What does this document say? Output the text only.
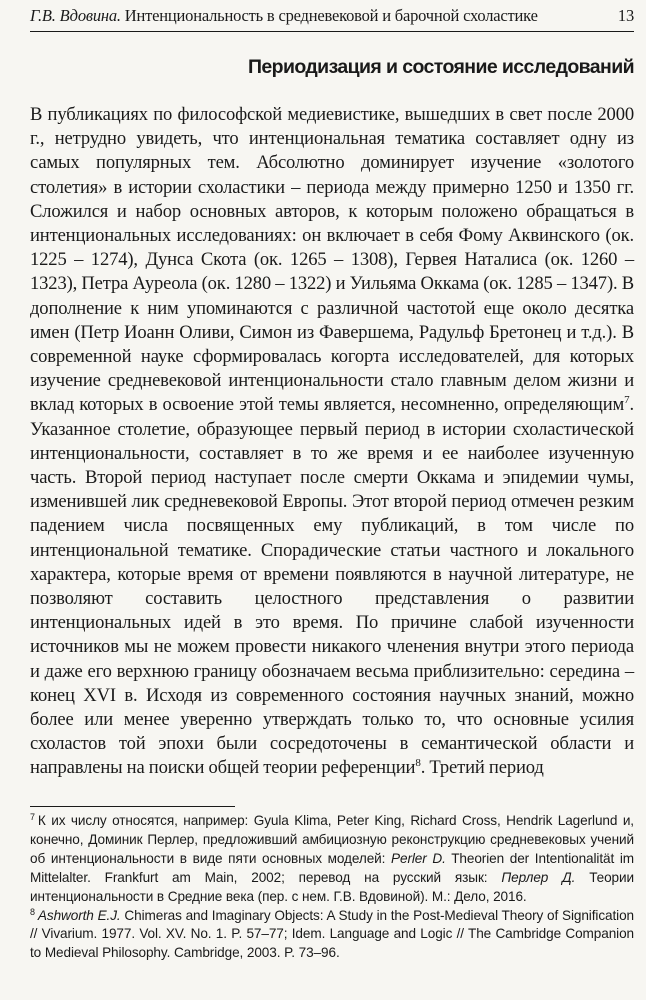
Г.В. Вдовина. Интенциональность в средневековой и барочной схоластике	13
Периодизация и состояние исследований

В публикациях по философской медиевистике, вышедших в свет после 2000 г., нетрудно увидеть, что интенциональная тематика составляет одну из самых популярных тем. Абсолютно доминирует изучение «золотого столетия» в истории схоластики – периода между примерно 1250 и 1350 гг. Сложился и набор основных авторов, к которым положено обращаться в интенциональных исследованиях: он включает в себя Фому Аквинского (ок. 1225 – 1274), Дунса Скота (ок. 1265 – 1308), Гервея Наталиса (ок. 1260 – 1323), Петра Ауреола (ок. 1280 – 1322) и Уильяма Оккама (ок. 1285 – 1347). В дополнение к ним упоминаются с различной частотой еще около десятка имен (Петр Иоанн Оливи, Симон из Фавершема, Радульф Бретонец и т.д.). В современной науке сформировалась когорта исследователей, для которых изучение средневековой интенциональности стало главным делом жизни и вклад которых в освоение этой темы является, несомненно, определяющим$^7$. Указанное столетие, образующее первый период в истории схоластической интенциональности, составляет в то же время и ее наиболее изученную часть. Второй период наступает после смерти Оккама и эпидемии чумы, изменившей лик средневековой Европы. Этот второй период отмечен резким падением числа посвященных ему публикаций, в том числе по интенциональной тематике. Спорадические статьи частного и локального характера, которые время от времени появляются в научной литературе, не позволяют составить целостного представления о развитии интенциональных идей в это время. По причине слабой изученности источников мы не можем провести никакого членения внутри этого периода и даже его верхнюю границу обозначаем весьма приблизительно: середина – конец XVI в. Исходя из современного состояния научных знаний, можно более или менее уверенно утверждать только то, что основные усилия схоластов той эпохи были сосредоточены в семантической области и направлены на поиски общей теории референции$^8$. Третий период

$^7$ К их числу относятся, например: Gyula Klima, Peter King, Richard Cross, Hendrik Lagerlund и, конечно, Доминик Перлер, предложивший амбициозную реконструкцию средневековых учений об интенциональности в виде пяти основных моделей: Perler D. Theorien der Intentionalität im Mittelalter. Frankfurt am Main, 2002; перевод на русский язык: Перлер Д. Теории интенциональности в Средние века (пер. с нем. Г.В. Вдовиной). М.: Дело, 2016.

$^8$ Ashworth E.J. Chimeras and Imaginary Objects: A Study in the Post-Medieval Theory of Signification // Vivarium. 1977. Vol. XV. No. 1. P. 57–77; Idem. Language and Logic // The Cambridge Companion to Medieval Philosophy. Cambridge, 2003. P. 73–96.
